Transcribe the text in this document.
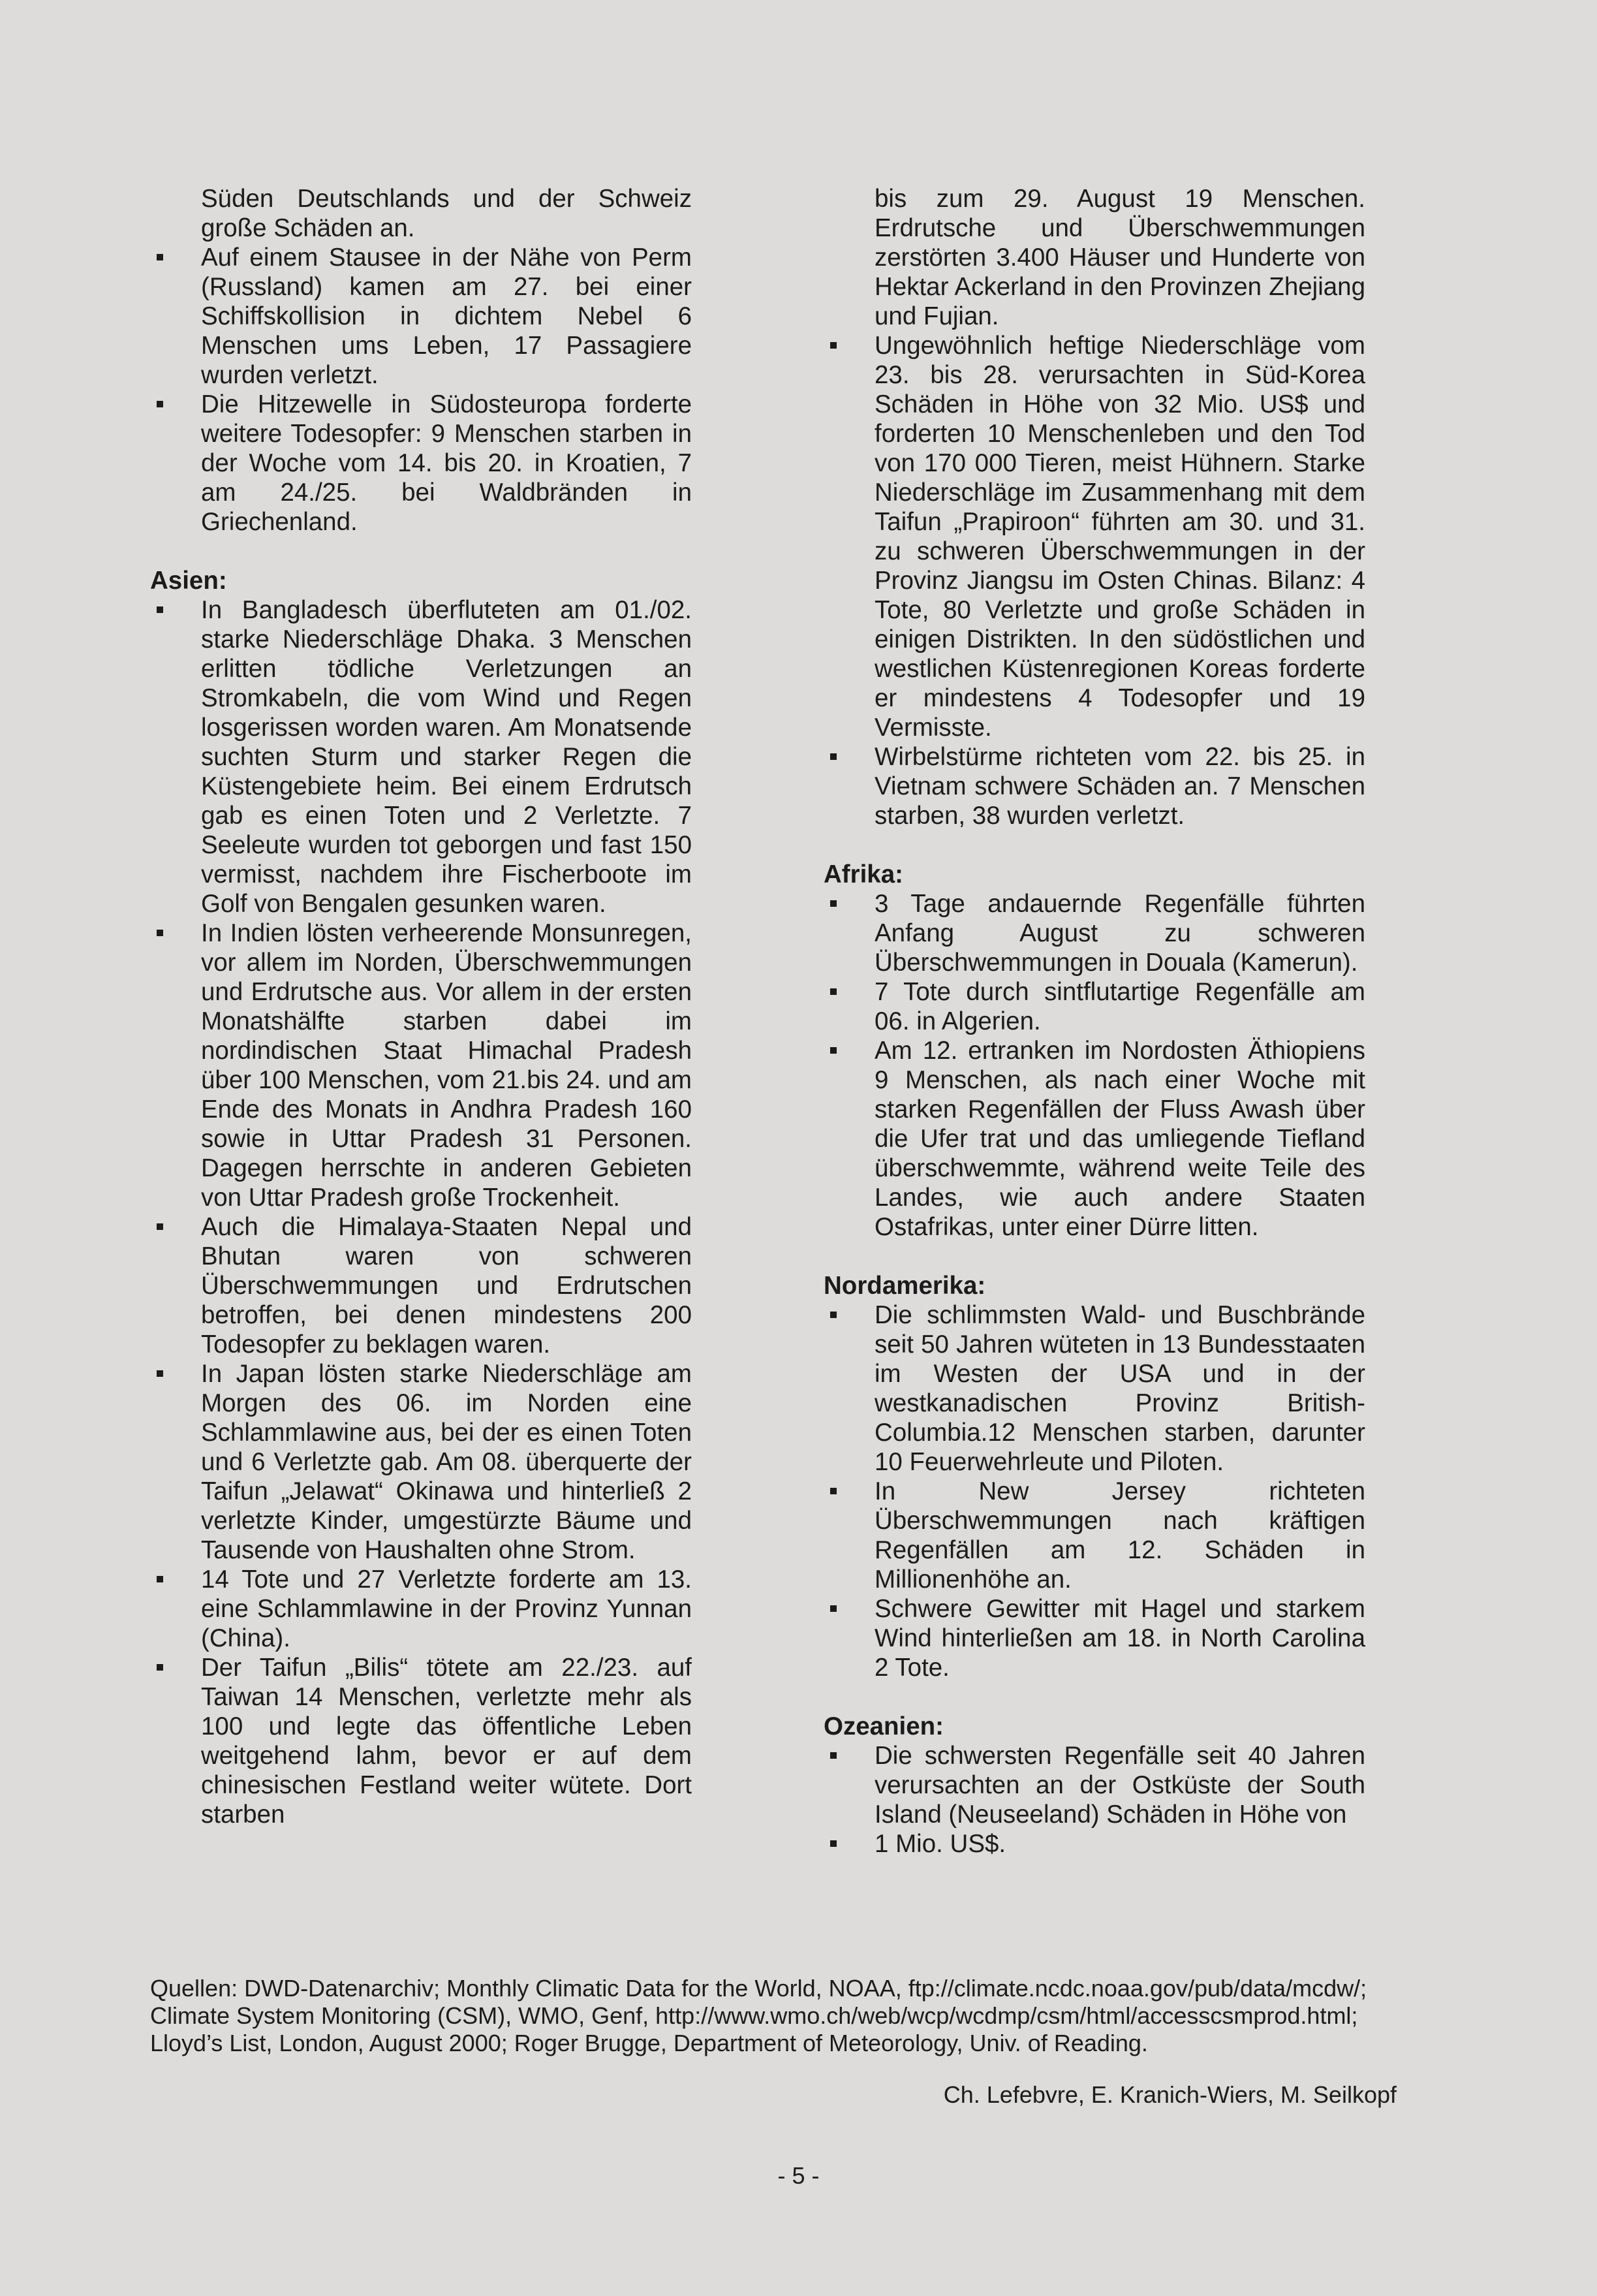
Süden Deutschlands und der Schweiz große Schäden an.

Auf einem Stausee in der Nähe von Perm (Russland) kamen am 27. bei einer Schiffskollision in dichtem Nebel 6 Menschen ums Leben, 17 Passagiere wurden verletzt.
Die Hitzewelle in Südosteuropa forderte weitere Todesopfer: 9 Menschen starben in der Woche vom 14. bis 20. in Kroatien, 7 am 24./25. bei Waldbränden in Griechenland.
Asien:
In Bangladesch überfluteten am 01./02. starke Niederschläge Dhaka. 3 Menschen erlitten tödliche Verletzungen an Stromkabeln, die vom Wind und Regen losgerissen worden waren. Am Monatsende suchten Sturm und starker Regen die Küstengebiete heim. Bei einem Erdrutsch gab es einen Toten und 2 Verletzte. 7 Seeleute wurden tot geborgen und fast 150 vermisst, nachdem ihre Fischerboote im Golf von Bengalen gesunken waren.
In Indien lösten verheerende Monsunregen, vor allem im Norden, Überschwemmungen und Erdrutsche aus. Vor allem in der ersten Monatshälfte starben dabei im nordindischen Staat Himachal Pradesh über 100 Menschen, vom 21.bis 24. und am Ende des Monats in Andhra Pradesh 160 sowie in Uttar Pradesh 31 Personen. Dagegen herrschte in anderen Gebieten von Uttar Pradesh große Trockenheit.
Auch die Himalaya-Staaten Nepal und Bhutan waren von schweren Überschwemmungen und Erdrutschen betroffen, bei denen mindestens 200 Todesopfer zu beklagen waren.
In Japan lösten starke Niederschläge am Morgen des 06. im Norden eine Schlammlawine aus, bei der es einen Toten und 6 Verletzte gab. Am 08. überquerte der Taifun „Jelawat“ Okinawa und hinterließ 2 verletzte Kinder, umgestürzte Bäume und Tausende von Haushalten ohne Strom.
14 Tote und 27 Verletzte forderte am 13. eine Schlammlawine in der Provinz Yunnan (China).
Der Taifun „Bilis“ tötete am 22./23. auf Taiwan 14 Menschen, verletzte mehr als 100 und legte das öffentliche Leben weitgehend lahm, bevor er auf dem chinesischen Festland weiter wütete. Dort starben

bis zum 29. August 19 Menschen. Erdrutsche und Überschwemmungen zerstörten 3.400 Häuser und Hunderte von Hektar Ackerland in den Provinzen Zhejiang und Fujian.

Ungewöhnlich heftige Niederschläge vom 23. bis 28. verursachten in Süd-Korea Schäden in Höhe von 32 Mio. US$ und forderten 10 Menschenleben und den Tod von 170 000 Tieren, meist Hühnern. Starke Niederschläge im Zusammenhang mit dem Taifun „Prapiroon“ führten am 30. und 31. zu schweren Überschwemmungen in der Provinz Jiangsu im Osten Chinas. Bilanz: 4 Tote, 80 Verletzte und große Schäden in einigen Distrikten. In den südöstlichen und westlichen Küstenregionen Koreas forderte er mindestens 4 Todesopfer und 19 Vermisste.
Wirbelstürme richteten vom 22. bis 25. in Vietnam schwere Schäden an. 7 Menschen starben, 38 wurden verletzt.
Afrika:
3 Tage andauernde Regenfälle führten Anfang August zu schweren Überschwemmungen in Douala (Kamerun).
7 Tote durch sintflutartige Regenfälle am 06. in Algerien.
Am 12. ertranken im Nordosten Äthiopiens 9 Menschen, als nach einer Woche mit starken Regenfällen der Fluss Awash über die Ufer trat und das umliegende Tiefland überschwemmte, während weite Teile des Landes, wie auch andere Staaten Ostafrikas, unter einer Dürre litten.
Nordamerika:
Die schlimmsten Wald- und Buschbrände seit 50 Jahren wüteten in 13 Bundesstaaten im Westen der USA und in der westkanadischen Provinz British-Columbia.12 Menschen starben, darunter 10 Feuerwehrleute und Piloten.
In New Jersey richteten Überschwemmungen nach kräftigen Regenfällen am 12. Schäden in Millionenhöhe an.
Schwere Gewitter mit Hagel und starkem Wind hinterließen am 18. in North Carolina 2 Tote.
Ozeanien:
Die schwersten Regenfälle seit 40 Jahren verursachten an der Ostküste der South Island (Neuseeland) Schäden in Höhe von
1 Mio. US$.
Quellen: DWD-Datenarchiv; Monthly Climatic Data for the World, NOAA, ftp://climate.ncdc.noaa.gov/pub/data/mcdw/; Climate System Monitoring (CSM), WMO, Genf, http://www.wmo.ch/web/wcp/wcdmp/csm/html/accesscsmprod.html; Lloyd’s List, London, August 2000; Roger Brugge, Department of Meteorology, Univ. of Reading.
Ch. Lefebvre, E. Kranich-Wiers, M. Seilkopf
- 5 -
